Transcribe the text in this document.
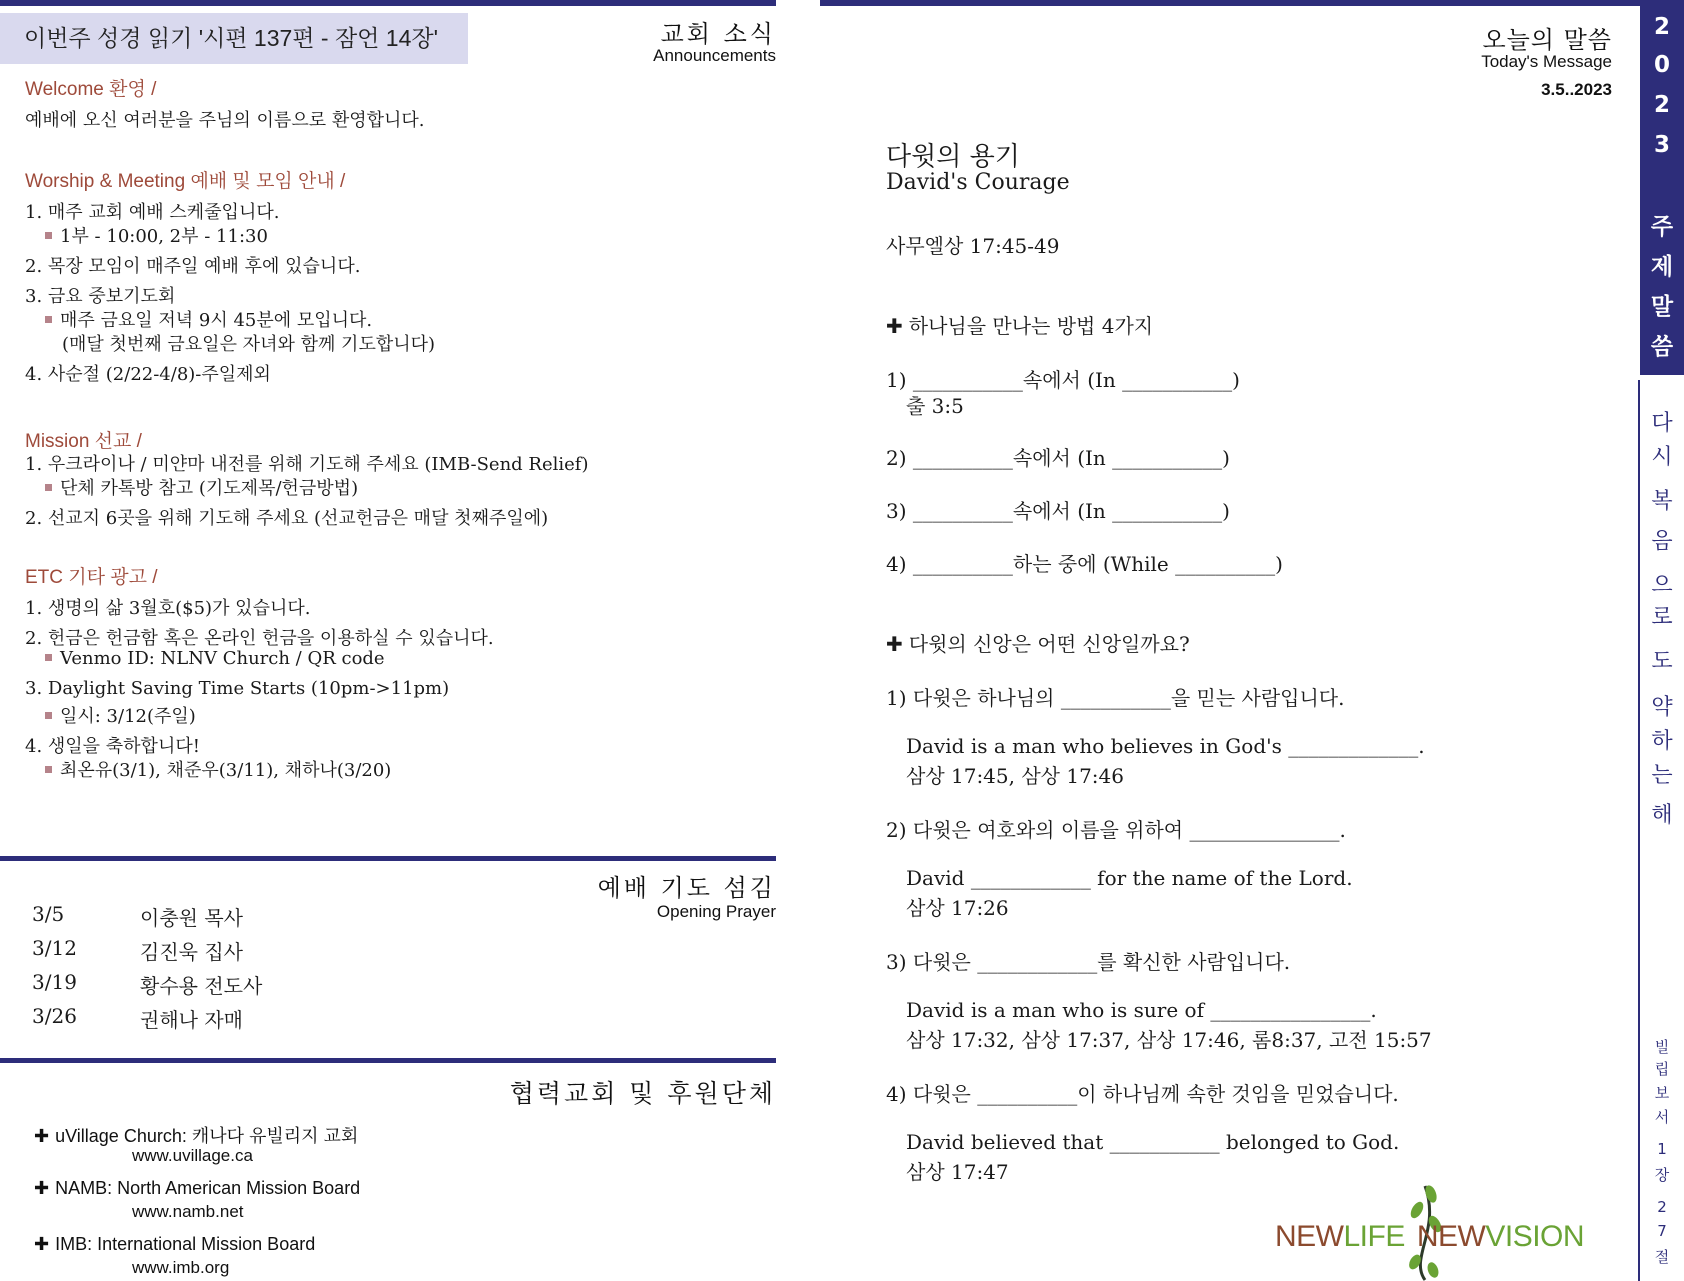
이번주 성경 읽기 '시편 137편 - 잠언 14장'	교회 소식
Announcements
Welcome 환영 /
예배에 오신 여러분을 주님의 이름으로 환영합니다.
Worship & Meeting 예배 및 모임 안내 /
1. 매주 교회 예배 스케줄입니다.
1부 - 10:00, 2부 - 11:30
2. 목장 모임이 매주일 예배 후에 있습니다.
3. 금요 중보기도회
매주 금요일 저녁 9시 45분에 모입니다.
(매달 첫번째 금요일은 자녀와 함께 기도합니다)
4. 사순절 (2/22-4/8)-주일제외
Mission 선교 /
1. 우크라이나 / 미얀마 내전를 위해 기도해 주세요 (IMB-Send Relief)
단체 카톡방 참고 (기도제목/헌금방법)
2. 선교지 6곳을 위해 기도해 주세요 (선교헌금은 매달 첫째주일에)
ETC 기타 광고 /
1. 생명의 삶 3월호($5)가 있습니다.
2. 헌금은 헌금함 혹은 온라인 헌금을 이용하실 수 있습니다.
Venmo ID: NLNV Church / QR code
3. Daylight Saving Time Starts (10pm->11pm)
일시: 3/12(주일)
4. 생일을 축하합니다!
최온유(3/1), 채준우(3/11), 채하나(3/20)
예배 기도 섬김
Opening Prayer
3/5	이충원 목사
3/12	김진욱 집사
3/19	황수용 전도사
3/26	권해나 자매
협력교회 및 후원단체
✚ uVillage Church: 캐나다 유빌리지 교회
www.uvillage.ca
✚ NAMB: North American Mission Board
www.namb.net
✚ IMB: International Mission Board
www.imb.org
오늘의 말씀
Today's Message
3.5..2023
다윗의 용기
David's Courage
사무엘상 17:45-49
✚ 하나님을 만나는 방법 4가지
1) ___________속에서 (In ___________)
출 3:5
2) __________속에서 (In ___________)
3) __________속에서 (In ___________)
4) __________하는 중에 (While __________)
✚ 다윗의 신앙은 어떤 신앙일까요?
1) 다윗은 하나님의 ___________을 믿는 사람입니다.
David is a man who believes in God's _____________.
삼상 17:45, 삼상 17:46
2) 다윗은 여호와의 이름을 위하여 _______________.
David ____________ for the name of the Lord.
삼상 17:26
3) 다윗은 ____________를 확신한 사람입니다.
David is a man who is sure of ________________.
삼상 17:32, 삼상 17:37, 삼상 17:46, 롬8:37, 고전 15:57
4) 다윗은 __________이 하나님께 속한 것임을 믿었습니다.
David believed that ___________ belonged to God.
삼상 17:47
NEWLIFE NEWVISION
2
0
2
3
주
제
말
씀
다
시
복
음
으
로
도
약
하
는
해
빌
립
보
서
1
장
2
7
절
